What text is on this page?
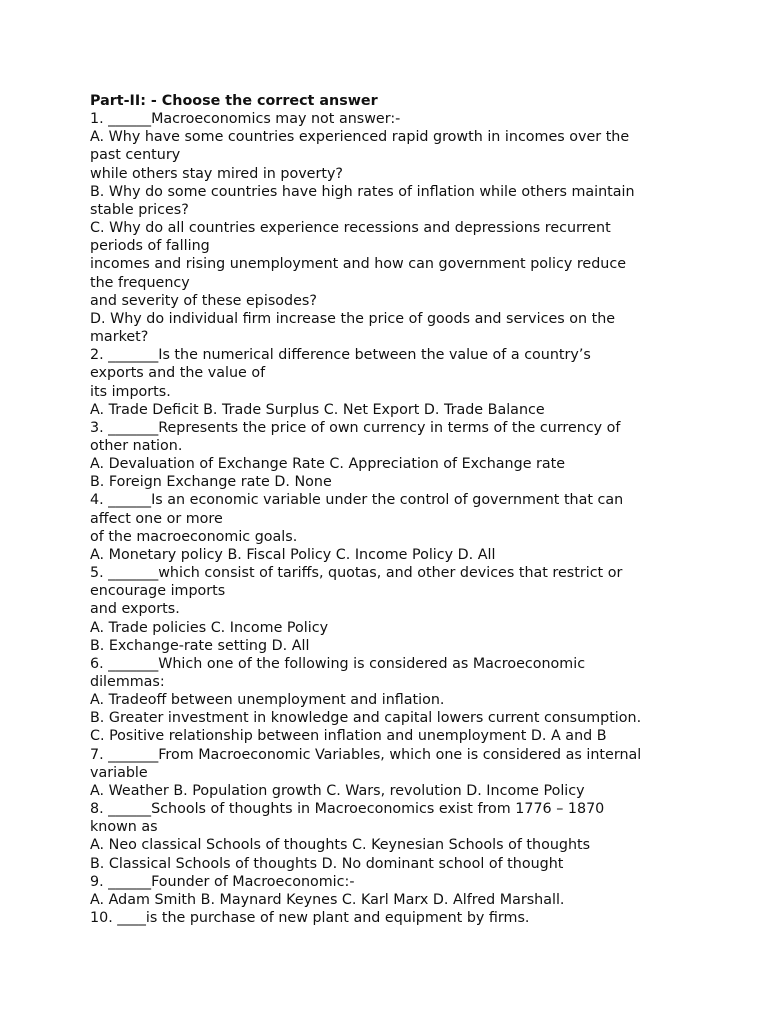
Part-II: - Choose the correct answer
1. ______Macroeconomics may not answer:-
A. Why have some countries experienced rapid growth in incomes over the
past century
while others stay mired in poverty?
B. Why do some countries have high rates of inflation while others maintain
stable prices?
C. Why do all countries experience recessions and depressions recurrent
periods of falling
incomes and rising unemployment and how can government policy reduce
the frequency
and severity of these episodes?
D. Why do individual firm increase the price of goods and services on the
market?
2. _______Is the numerical difference between the value of a country’s
exports and the value of
its imports.
A. Trade Deficit B. Trade Surplus C. Net Export D. Trade Balance
3. _______Represents the price of own currency in terms of the currency of
other nation.
A. Devaluation of Exchange Rate C. Appreciation of Exchange rate
B. Foreign Exchange rate D. None
4. ______Is an economic variable under the control of government that can
affect one or more
of the macroeconomic goals.
A. Monetary policy B. Fiscal Policy C. Income Policy D. All
5. _______which consist of tariffs, quotas, and other devices that restrict or
encourage imports
and exports.
A. Trade policies C. Income Policy
B. Exchange-rate setting D. All
6. _______Which one of the following is considered as Macroeconomic
dilemmas:
A. Tradeoff between unemployment and inflation.
B. Greater investment in knowledge and capital lowers current consumption.
C. Positive relationship between inflation and unemployment D. A and B
7. _______From Macroeconomic Variables, which one is considered as internal
variable
A. Weather B. Population growth C. Wars, revolution D. Income Policy
8. ______Schools of thoughts in Macroeconomics exist from 1776 – 1870
known as
A. Neo classical Schools of thoughts C. Keynesian Schools of thoughts
B. Classical Schools of thoughts D. No dominant school of thought
9. ______Founder of Macroeconomic:-
A. Adam Smith B. Maynard Keynes C. Karl Marx D. Alfred Marshall.
10. ____is the purchase of new plant and equipment by firms.
